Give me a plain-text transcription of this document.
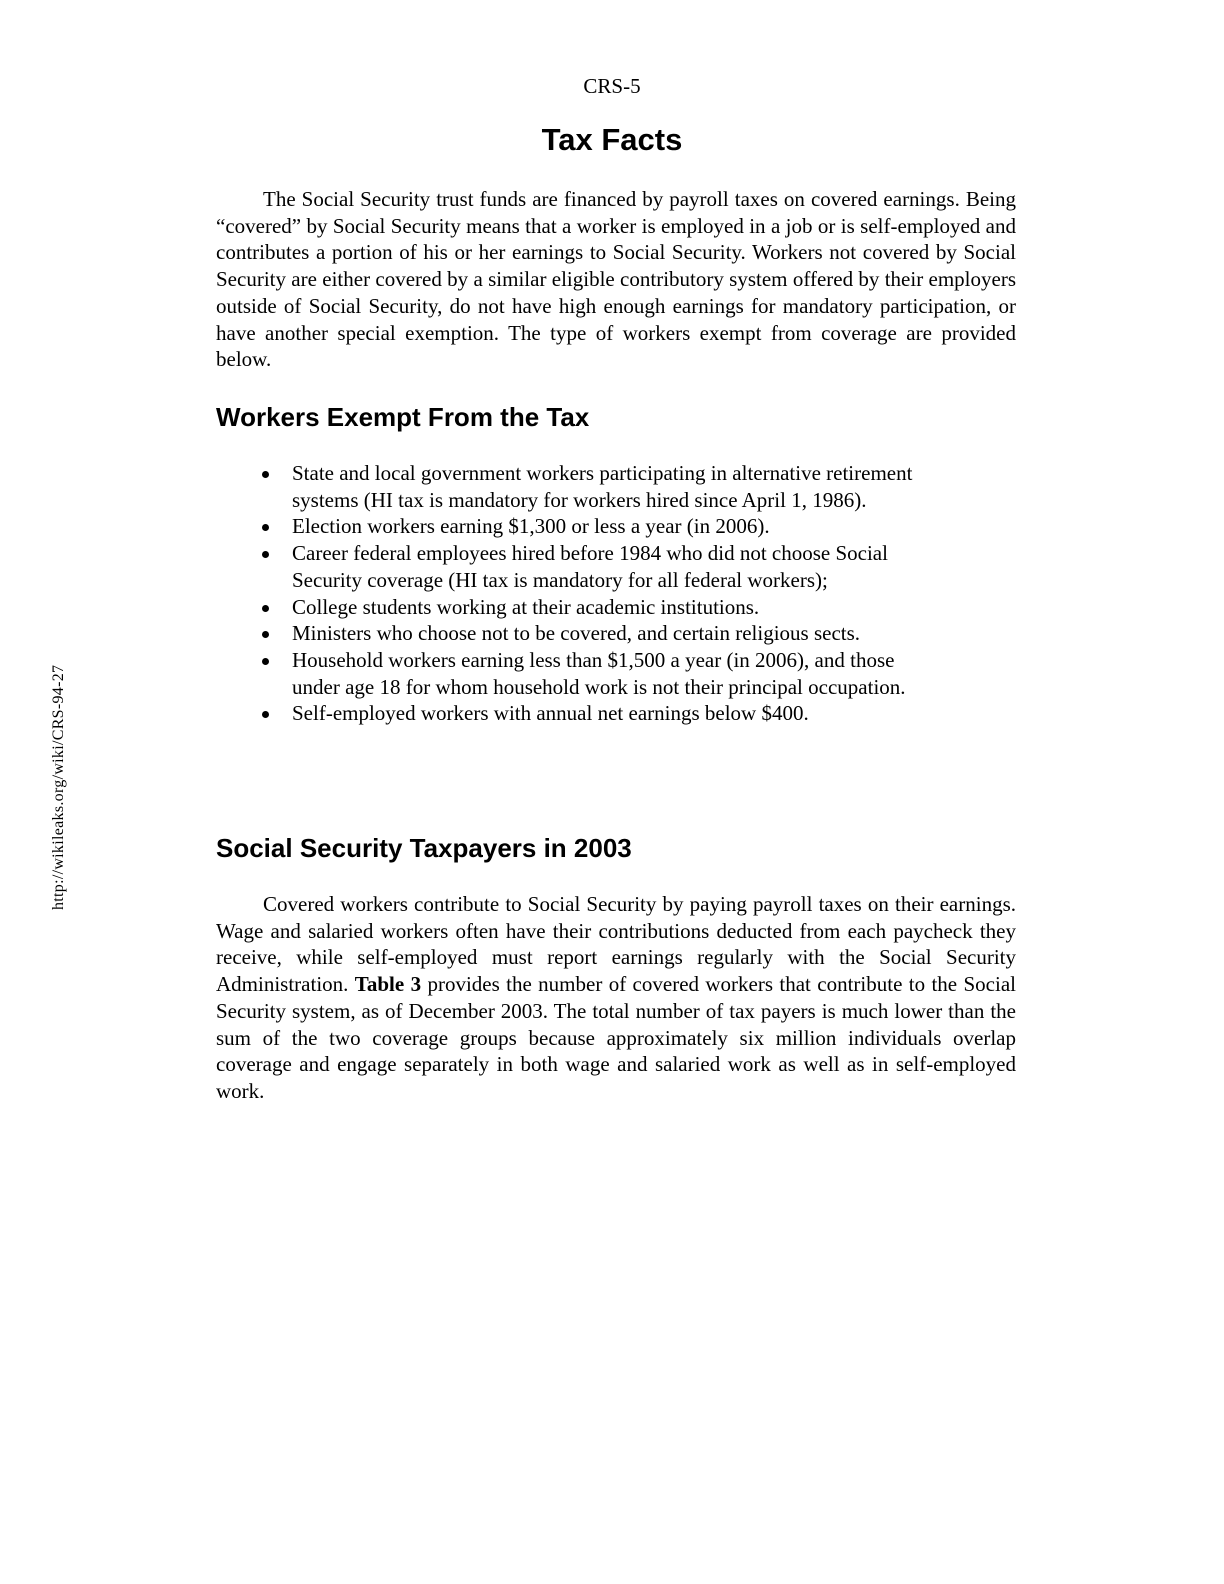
CRS-5
Tax Facts

The Social Security trust funds are financed by payroll taxes on covered earnings. Being “covered” by Social Security means that a worker is employed in a job or is self-employed and contributes a portion of his or her earnings to Social Security. Workers not covered by Social Security are either covered by a similar eligible contributory system offered by their employers outside of Social Security, do not have high enough earnings for mandatory participation, or have another special exemption. The type of workers exempt from coverage are provided below.

Workers Exempt From the Tax
State and local government workers participating in alternative retirement systems (HI tax is mandatory for workers hired since April 1, 1986).
Election workers earning $1,300 or less a year (in 2006).
Career federal employees hired before 1984 who did not choose Social Security coverage (HI tax is mandatory for all federal workers);
College students working at their academic institutions.
Ministers who choose not to be covered, and certain religious sects.
Household workers earning less than $1,500 a year (in 2006), and those under age 18 for whom household work is not their principal occupation.
Self-employed workers with annual net earnings below $400.
Social Security Taxpayers in 2003

Covered workers contribute to Social Security by paying payroll taxes on their earnings. Wage and salaried workers often have their contributions deducted from each paycheck they receive, while self-employed must report earnings regularly with the Social Security Administration. Table 3 provides the number of covered workers that contribute to the Social Security system, as of December 2003. The total number of tax payers is much lower than the sum of the two coverage groups because approximately six million individuals overlap coverage and engage separately in both wage and salaried work as well as in self-employed work.

http://wikileaks.org/wiki/CRS-94-27
